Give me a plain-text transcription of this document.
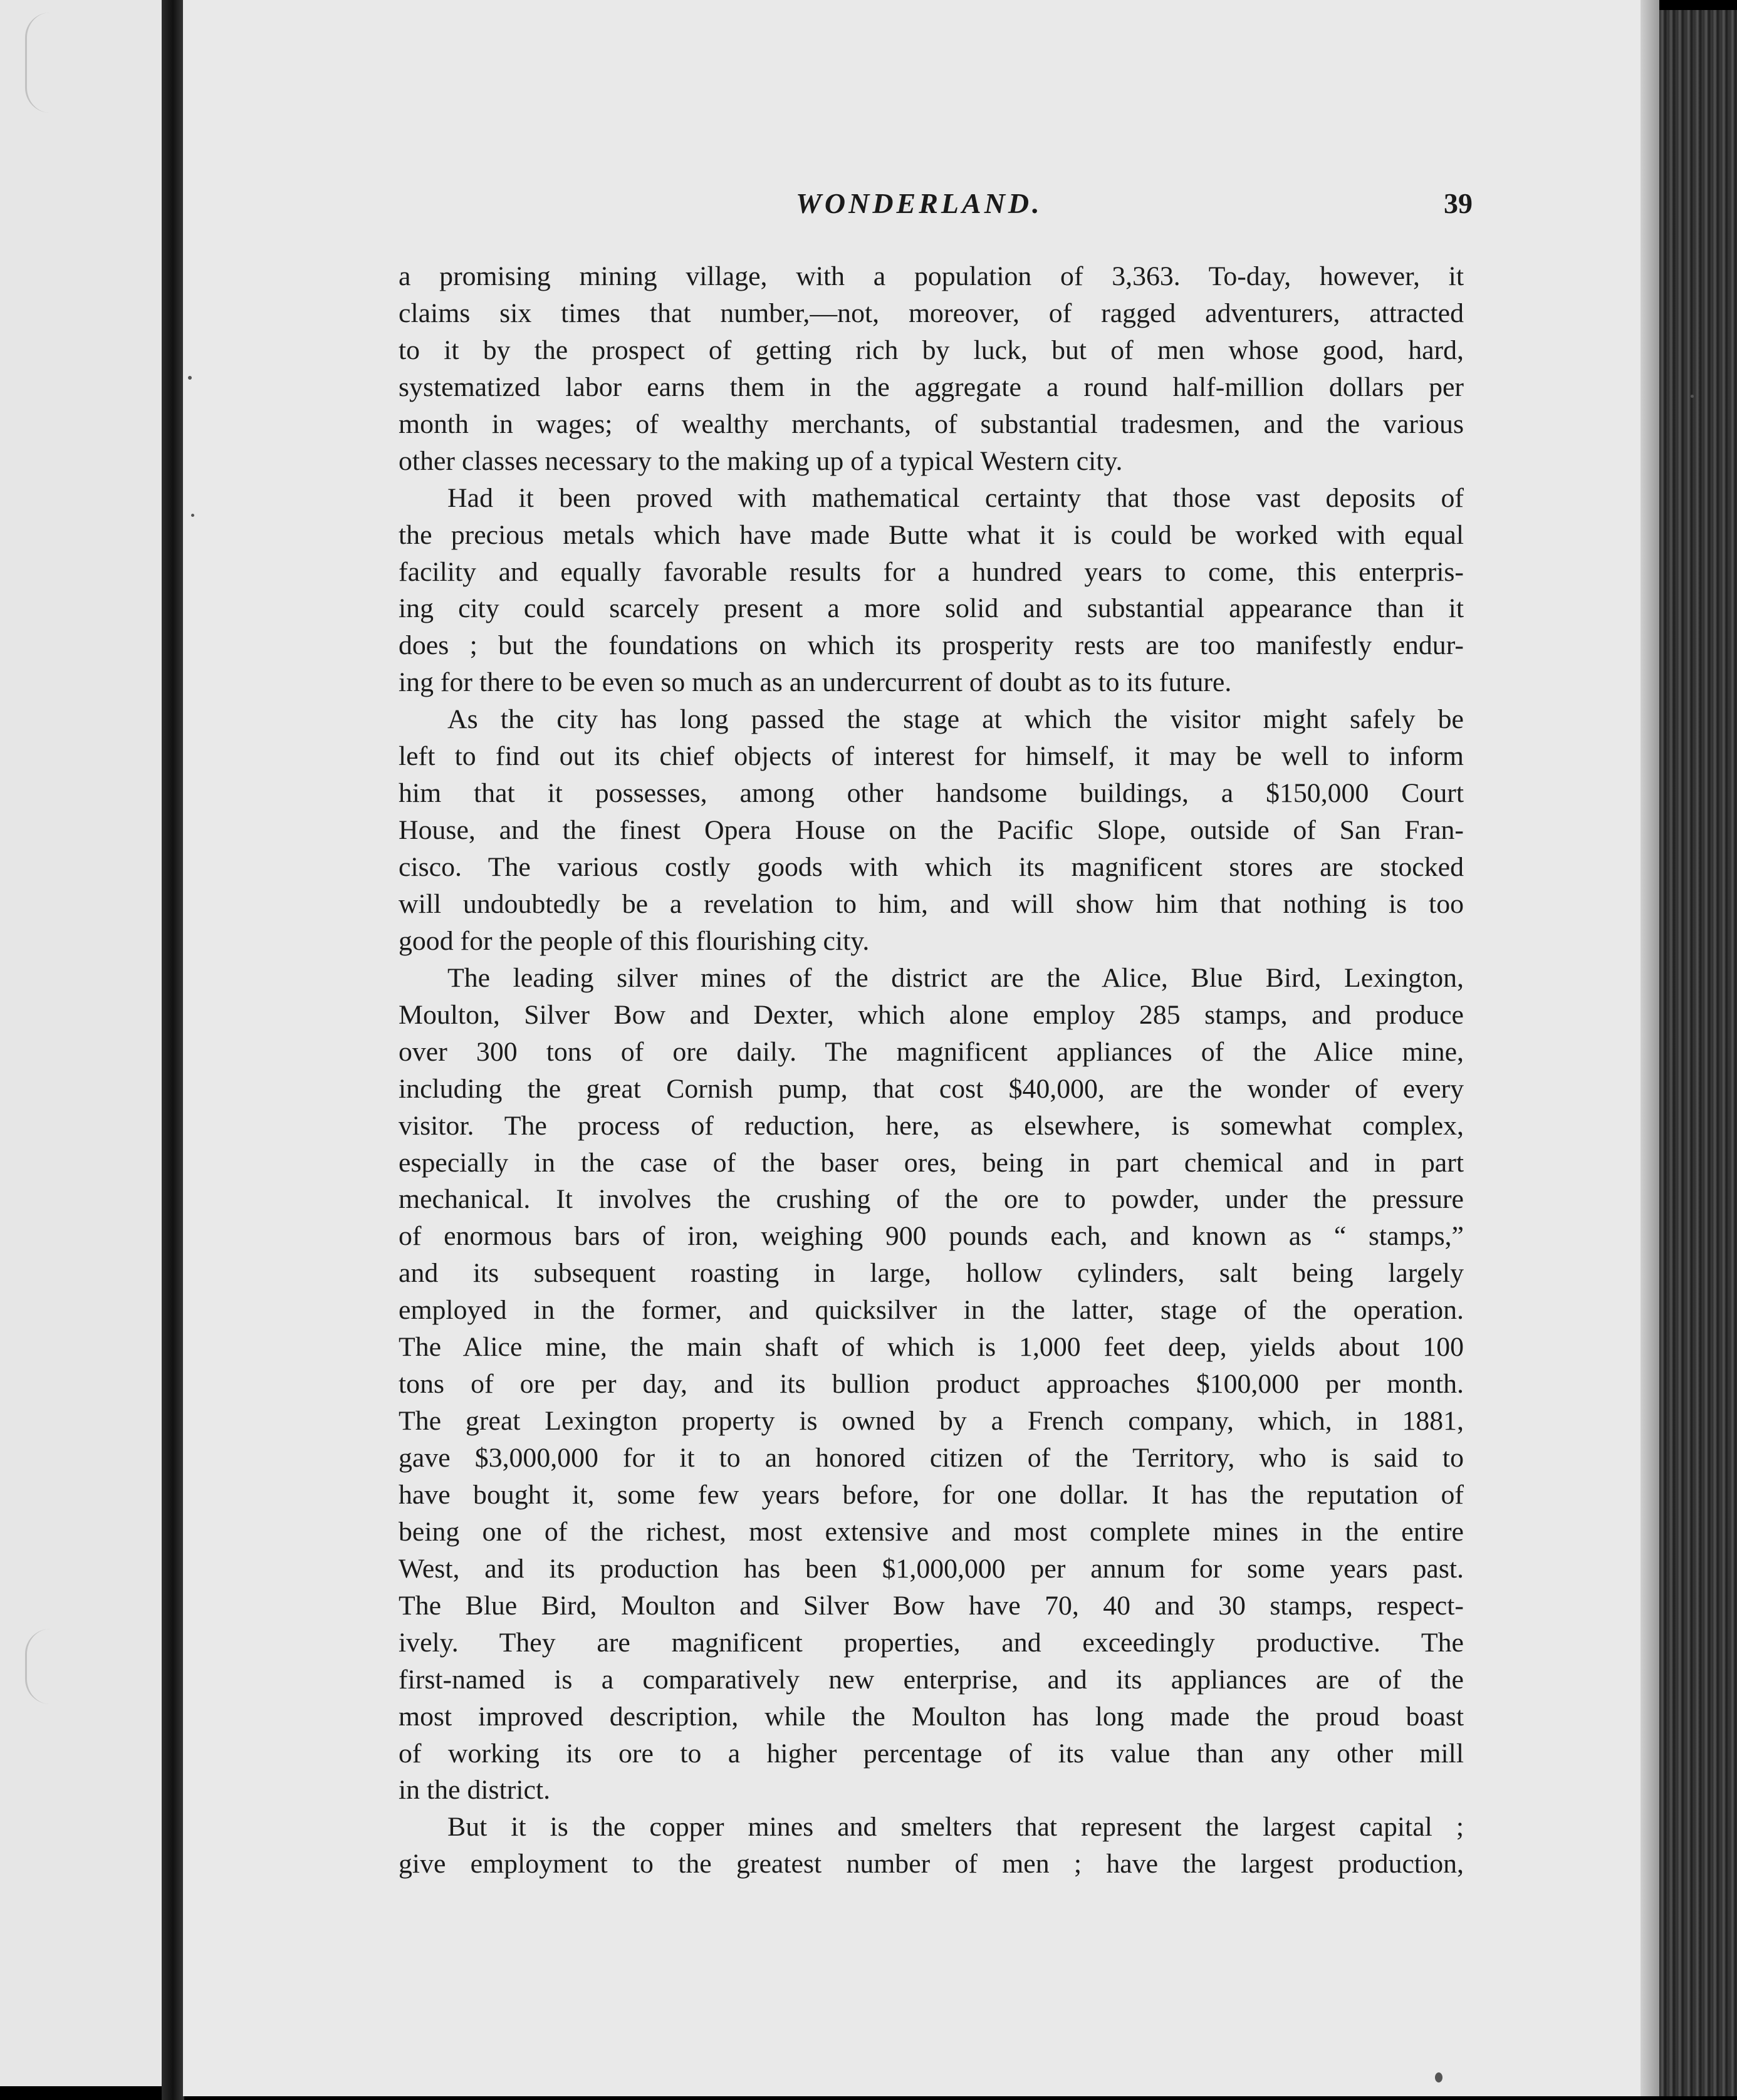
WONDERLAND.	39
a promising mining village, with a population of 3,363. To-day, however, it
claims six times that number,—not, moreover, of ragged adventurers, attracted
to it by the prospect of getting rich by luck, but of men whose good, hard,
systematized labor earns them in the aggregate a round half-million dollars per
month in wages; of wealthy merchants, of substantial tradesmen, and the various
other classes necessary to the making up of a typical Western city.
Had it been proved with mathematical certainty that those vast deposits of
the precious metals which have made Butte what it is could be worked with equal
facility and equally favorable results for a hundred years to come, this enterpris-
ing city could scarcely present a more solid and substantial appearance than it
does ; but the foundations on which its prosperity rests are too manifestly endur-
ing for there to be even so much as an undercurrent of doubt as to its future.
As the city has long passed the stage at which the visitor might safely be
left to find out its chief objects of interest for himself, it may be well to inform
him that it possesses, among other handsome buildings, a $150,000 Court
House, and the finest Opera House on the Pacific Slope, outside of San Fran-
cisco. The various costly goods with which its magnificent stores are stocked
will undoubtedly be a revelation to him, and will show him that nothing is too
good for the people of this flourishing city.
The leading silver mines of the district are the Alice, Blue Bird, Lexington,
Moulton, Silver Bow and Dexter, which alone employ 285 stamps, and produce
over 300 tons of ore daily. The magnificent appliances of the Alice mine,
including the great Cornish pump, that cost $40,000, are the wonder of every
visitor. The process of reduction, here, as elsewhere, is somewhat complex,
especially in the case of the baser ores, being in part chemical and in part
mechanical. It involves the crushing of the ore to powder, under the pressure
of enormous bars of iron, weighing 900 pounds each, and known as “ stamps,”
and its subsequent roasting in large, hollow cylinders, salt being largely
employed in the former, and quicksilver in the latter, stage of the operation.
The Alice mine, the main shaft of which is 1,000 feet deep, yields about 100
tons of ore per day, and its bullion product approaches $100,000 per month.
The great Lexington property is owned by a French company, which, in 1881,
gave $3,000,000 for it to an honored citizen of the Territory, who is said to
have bought it, some few years before, for one dollar. It has the reputation of
being one of the richest, most extensive and most complete mines in the entire
West, and its production has been $1,000,000 per annum for some years past.
The Blue Bird, Moulton and Silver Bow have 70, 40 and 30 stamps, respect-
ively. They are magnificent properties, and exceedingly productive. The
first-named is a comparatively new enterprise, and its appliances are of the
most improved description, while the Moulton has long made the proud boast
of working its ore to a higher percentage of its value than any other mill
in the district.
But it is the copper mines and smelters that represent the largest capital ;
give employment to the greatest number of men ; have the largest production,
